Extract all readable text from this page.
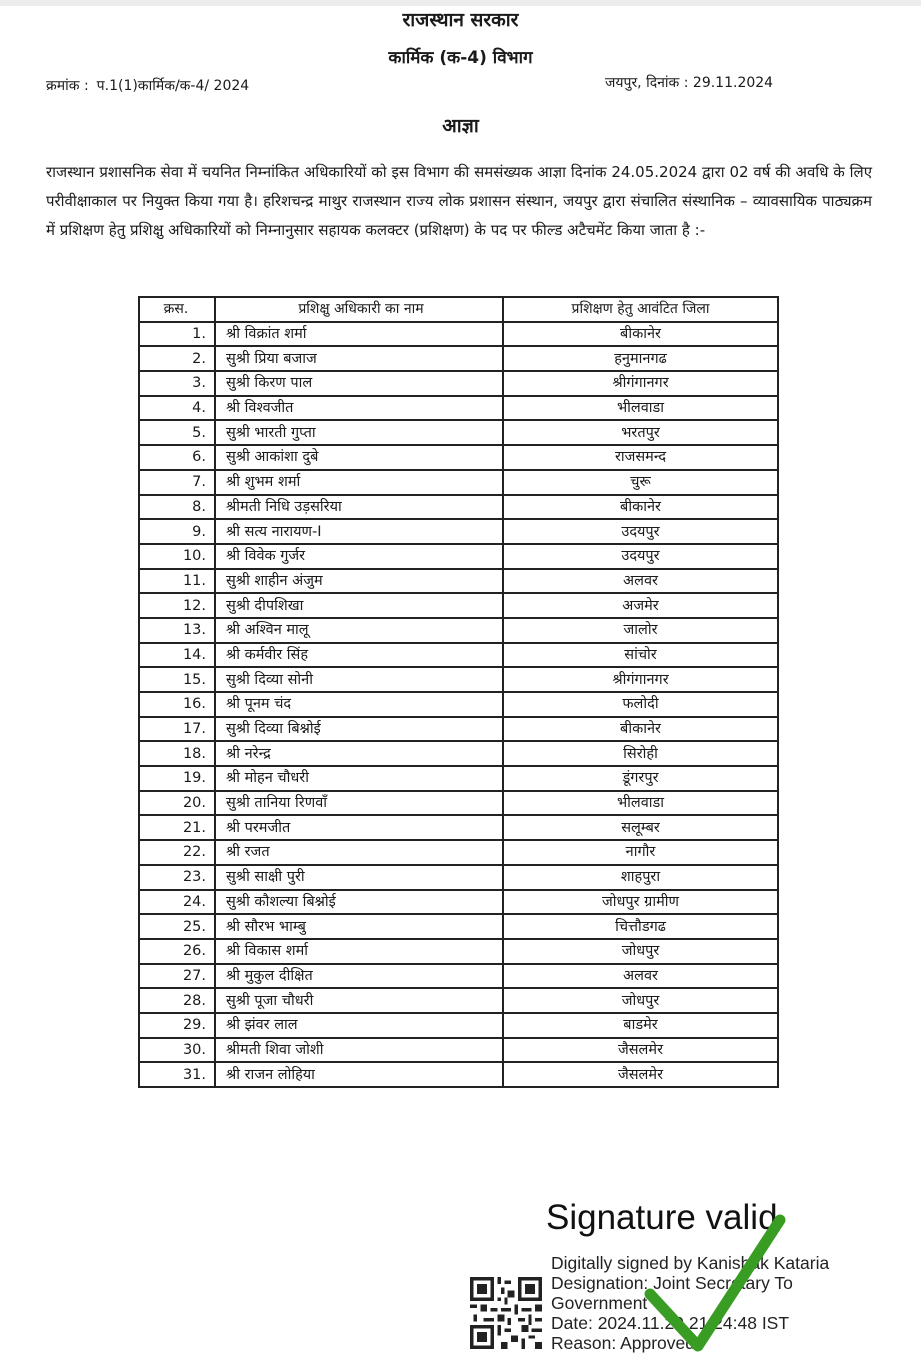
राजस्थान सरकार
कार्मिक (क-4) विभाग
क्रमांक : प.1(1)कार्मिक/क-4/ 2024	जयपुर, दिनांक : 29.11.2024
आज्ञा

राजस्थान प्रशासनिक सेवा में चयनित निम्नांकित अधिकारियों को इस विभाग की समसंख्यक आज्ञा दिनांक 24.05.2024 द्वारा 02 वर्ष की अवधि के लिए परीवीक्षाकाल पर नियुक्त किया गया है। हरिशचन्द्र माथुर राजस्थान राज्य लोक प्रशासन संस्थान, जयपुर द्वारा संचालित संस्थानिक – व्यावसायिक पाठ्यक्रम में प्रशिक्षण हेतु प्रशिक्षु अधिकारियों को निम्नानुसार सहायक कलक्टर (प्रशिक्षण) के पद पर फील्ड अटैचमेंट किया जाता है :-

क्रस.	प्रशिक्षु अधिकारी का नाम	प्रशिक्षण हेतु आवंटित जिला
1.	श्री विक्रांत शर्मा	बीकानेर
2.	सुश्री प्रिया बजाज	हनुमानगढ
3.	सुश्री किरण पाल	श्रीगंगानगर
4.	श्री विश्वजीत	भीलवाडा
5.	सुश्री भारती गुप्ता	भरतपुर
6.	सुश्री आकांशा दुबे	राजसमन्द
7.	श्री शुभम शर्मा	चुरू
8.	श्रीमती निधि उड़सरिया	बीकानेर
9.	श्री सत्य नारायण-I	उदयपुर
10.	श्री विवेक गुर्जर	उदयपुर
11.	सुश्री शाहीन अंजुम	अलवर
12.	सुश्री दीपशिखा	अजमेर
13.	श्री अश्विन मालू	जालोर
14.	श्री कर्मवीर सिंह	सांचोर
15.	सुश्री दिव्या सोनी	श्रीगंगानगर
16.	श्री पूनम चंद	फलोदी
17.	सुश्री दिव्या बिश्नोई	बीकानेर
18.	श्री नरेन्द्र	सिरोही
19.	श्री मोहन चौधरी	डूंगरपुर
20.	सुश्री तानिया रिणवाँ	भीलवाडा
21.	श्री परमजीत	सलूम्बर
22.	श्री रजत	नागौर
23.	सुश्री साक्षी पुरी	शाहपुरा
24.	सुश्री कौशल्या बिश्नोई	जोधपुर ग्रामीण
25.	श्री सौरभ भाम्बु	चित्तौडगढ
26.	श्री विकास शर्मा	जोधपुर
27.	श्री मुकुल दीक्षित	अलवर
28.	सुश्री पूजा चौधरी	जोधपुर
29.	श्री झंवर लाल	बाडमेर
30.	श्रीमती शिवा जोशी	जैसलमेर
31.	श्री राजन लोहिया	जैसलमेर
Signature valid
Digitally signed by Kanishak Kataria
Designation: Joint Secretary To
Government
Date: 2024.11.29 21:24:48 IST
Reason: Approved
